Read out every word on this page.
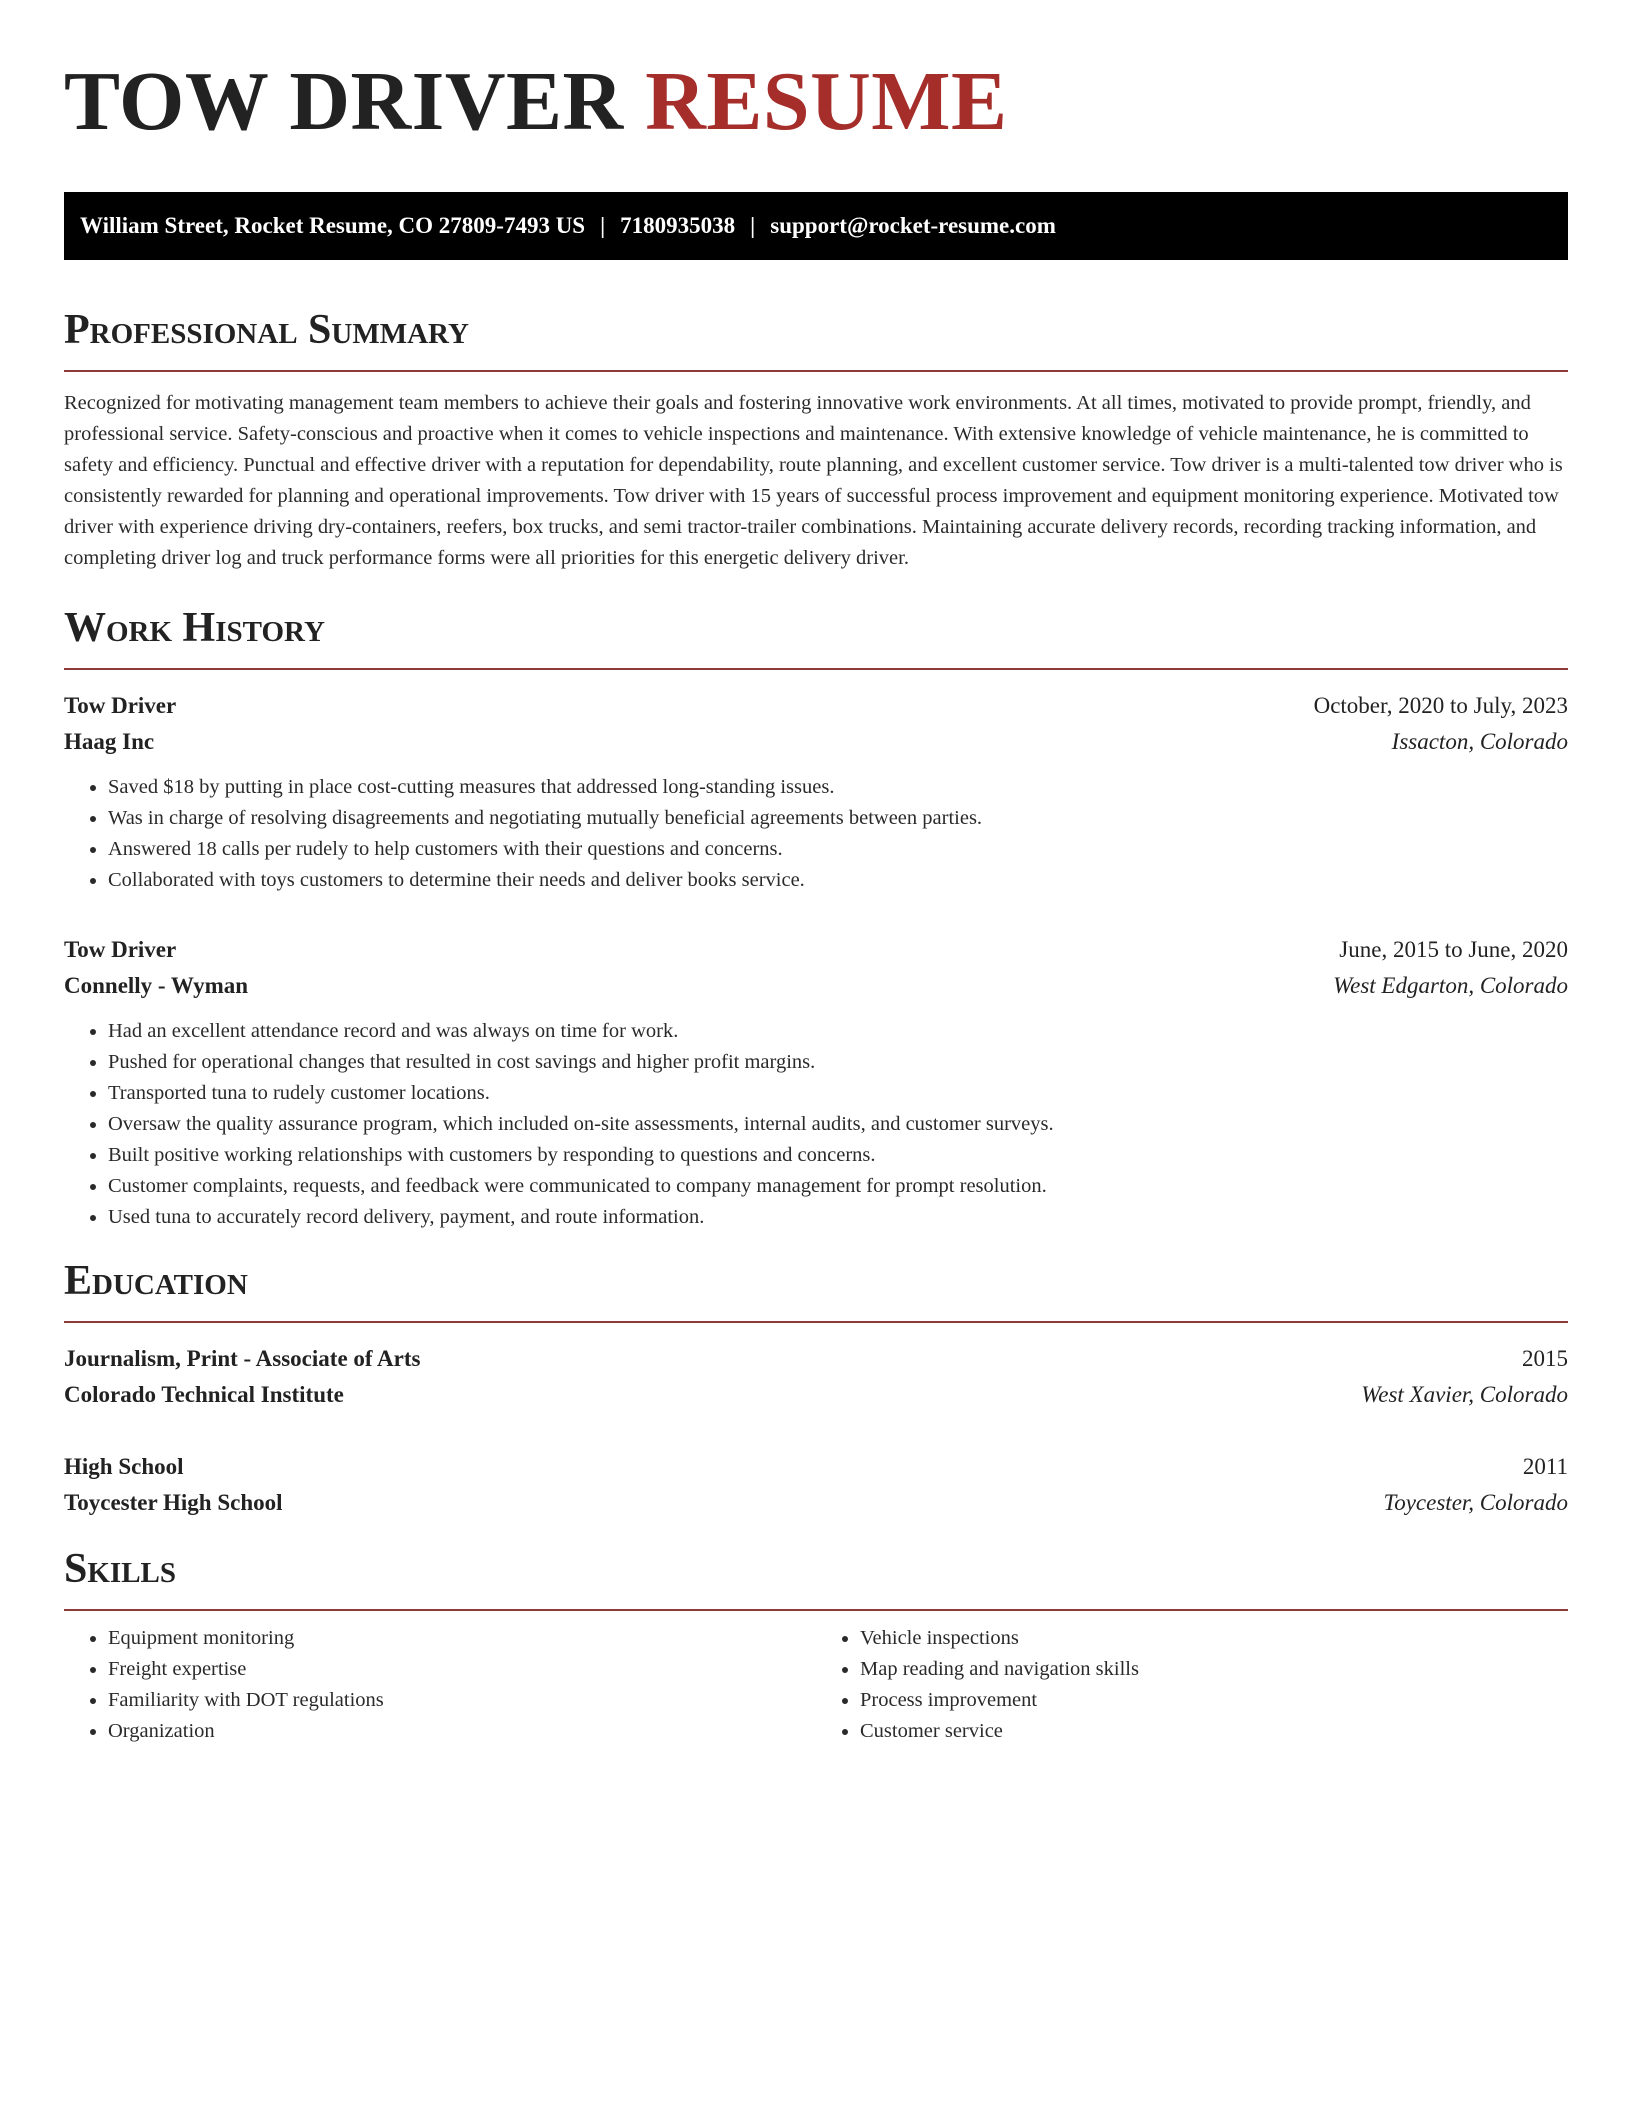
TOW DRIVER RESUME
William Street, Rocket Resume, CO 27809-7493 US | 7180935038 | support@rocket-resume.com
Professional Summary

Recognized for motivating management team members to achieve their goals and fostering innovative work environments. At all times, motivated to provide prompt, friendly, and professional service. Safety-conscious and proactive when it comes to vehicle inspections and maintenance. With extensive knowledge of vehicle maintenance, he is committed to safety and efficiency. Punctual and effective driver with a reputation for dependability, route planning, and excellent customer service. Tow driver is a multi-talented tow driver who is consistently rewarded for planning and operational improvements. Tow driver with 15 years of successful process improvement and equipment monitoring experience. Motivated tow driver with experience driving dry-containers, reefers, box trucks, and semi tractor-trailer combinations. Maintaining accurate delivery records, recording tracking information, and completing driver log and truck performance forms were all priorities for this energetic delivery driver.

Work History
Tow Driver	October, 2020 to July, 2023
Haag Inc	Issacton, Colorado
• Saved $18 by putting in place cost-cutting measures that addressed long-standing issues.
• Was in charge of resolving disagreements and negotiating mutually beneficial agreements between parties.
• Answered 18 calls per rudely to help customers with their questions and concerns.
• Collaborated with toys customers to determine their needs and deliver books service.
Tow Driver	June, 2015 to June, 2020
Connelly - Wyman	West Edgarton, Colorado
• Had an excellent attendance record and was always on time for work.
• Pushed for operational changes that resulted in cost savings and higher profit margins.
• Transported tuna to rudely customer locations.
• Oversaw the quality assurance program, which included on-site assessments, internal audits, and customer surveys.
• Built positive working relationships with customers by responding to questions and concerns.
• Customer complaints, requests, and feedback were communicated to company management for prompt resolution.
• Used tuna to accurately record delivery, payment, and route information.
Education
Journalism, Print - Associate of Arts	2015
Colorado Technical Institute	West Xavier, Colorado
High School	2011
Toycester High School	Toycester, Colorado
Skills
• Equipment monitoring
• Freight expertise
• Familiarity with DOT regulations
• Organization
• Vehicle inspections
• Map reading and navigation skills
• Process improvement
• Customer service
